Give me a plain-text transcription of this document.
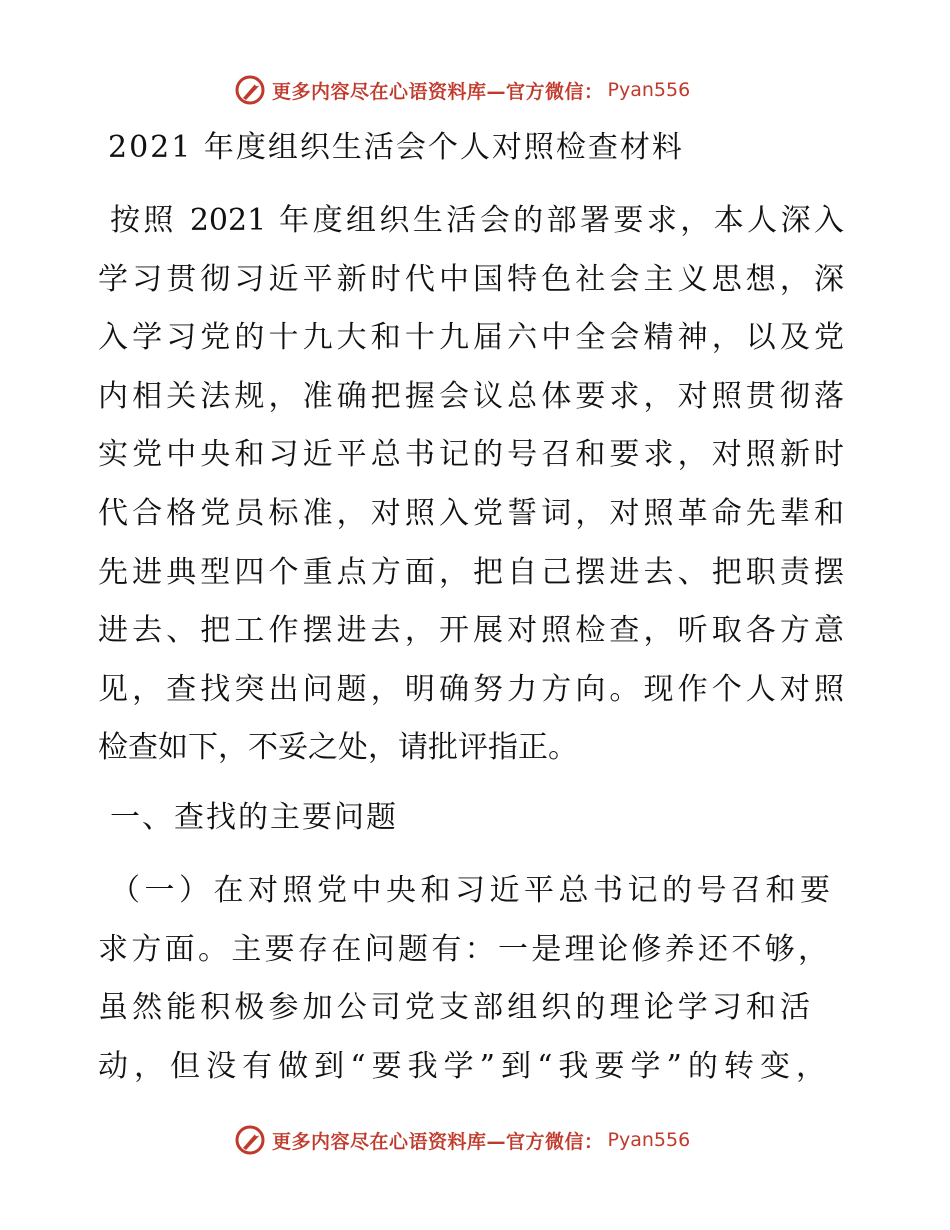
更多内容尽在心语资料库—官方微信： Pyan556
2021 年度组织生活会个人对照检查材料

按照 2021 年度组织生活会的部署要求，本人深入
学习贯彻习近平新时代中国特色社会主义思想，深
入学习党的十九大和十九届六中全会精神，以及党
内相关法规，准确把握会议总体要求，对照贯彻落
实党中央和习近平总书记的号召和要求，对照新时
代合格党员标准，对照入党誓词，对照革命先辈和
先进典型四个重点方面，把自己摆进去、把职责摆
进去、把工作摆进去，开展对照检查，听取各方意
见，查找突出问题，明确努力方向。现作个人对照
检查如下，不妥之处，请批评指正。

一、查找的主要问题

（一）在对照党中央和习近平总书记的号召和要
求方面。主要存在问题有：一是理论修养还不够，
虽然能积极参加公司党支部组织的理论学习和活
动，但没有做到“要我学”到“我要学”的转变，

更多内容尽在心语资料库—官方微信： Pyan556
